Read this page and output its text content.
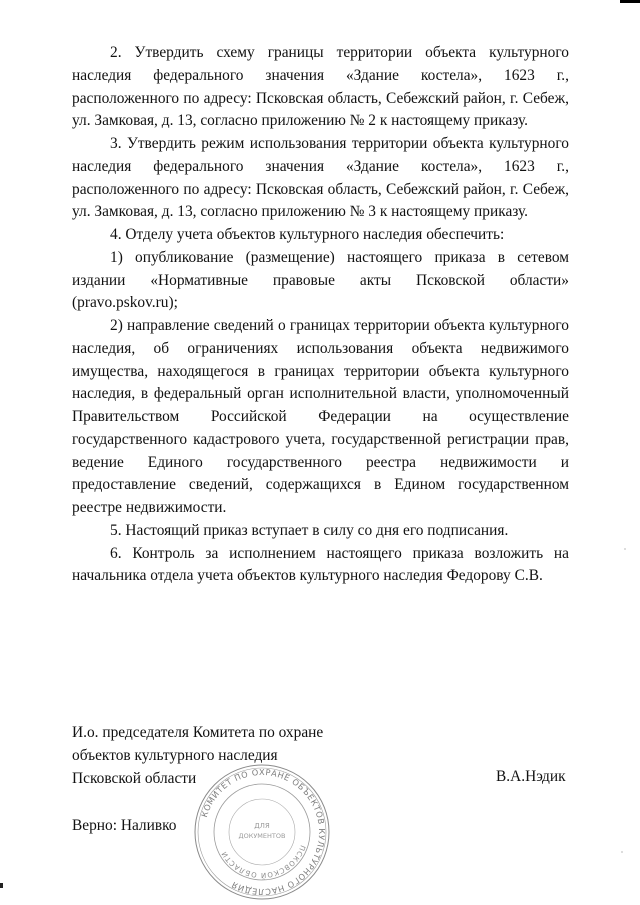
2. Утвердить схему границы территории объекта культурного наследия федерального значения «Здание костела», 1623 г., расположенного по адресу: Псковская область, Себежский район, г. Себеж, ул. Замковая, д. 13, согласно приложению № 2 к настоящему приказу.

3. Утвердить режим использования территории объекта культурного наследия федерального значения «Здание костела», 1623 г., расположенного по адресу: Псковская область, Себежский район, г. Себеж, ул. Замковая, д. 13, согласно приложению № 3 к настоящему приказу.

4. Отделу учета объектов культурного наследия обеспечить:

1) опубликование (размещение) настоящего приказа в сетевом издании «Нормативные правовые акты Псковской области» (pravo.pskov.ru);

2) направление сведений о границах территории объекта культурного наследия, об ограничениях использования объекта недвижимого имущества, находящегося в границах территории объекта культурного наследия, в федеральный орган исполнительной власти, уполномоченный Правительством Российской Федерации на осуществление государственного кадастрового учета, государственной регистрации прав, ведение Единого государственного реестра недвижимости и предоставление сведений, содержащихся в Едином государственном реестре недвижимости.

5. Настоящий приказ вступает в силу со дня его подписания.

6. Контроль за исполнением настоящего приказа возложить на начальника отдела учета объектов культурного наследия Федорову С.В.

И.о. председателя Комитета по охране
объектов культурного наследия
Псковской области	В.А.Нэдик
Верно: Наливко
КОМИТЕТ ПО ОХРАНЕ ОБЪЕКТОВ КУЛЬТУРНОГО НАСЛЕДИЯ
ПСКОВСКОЙ ОБЛАСТИ
ДЛЯ
ДОКУМЕНТОВ
